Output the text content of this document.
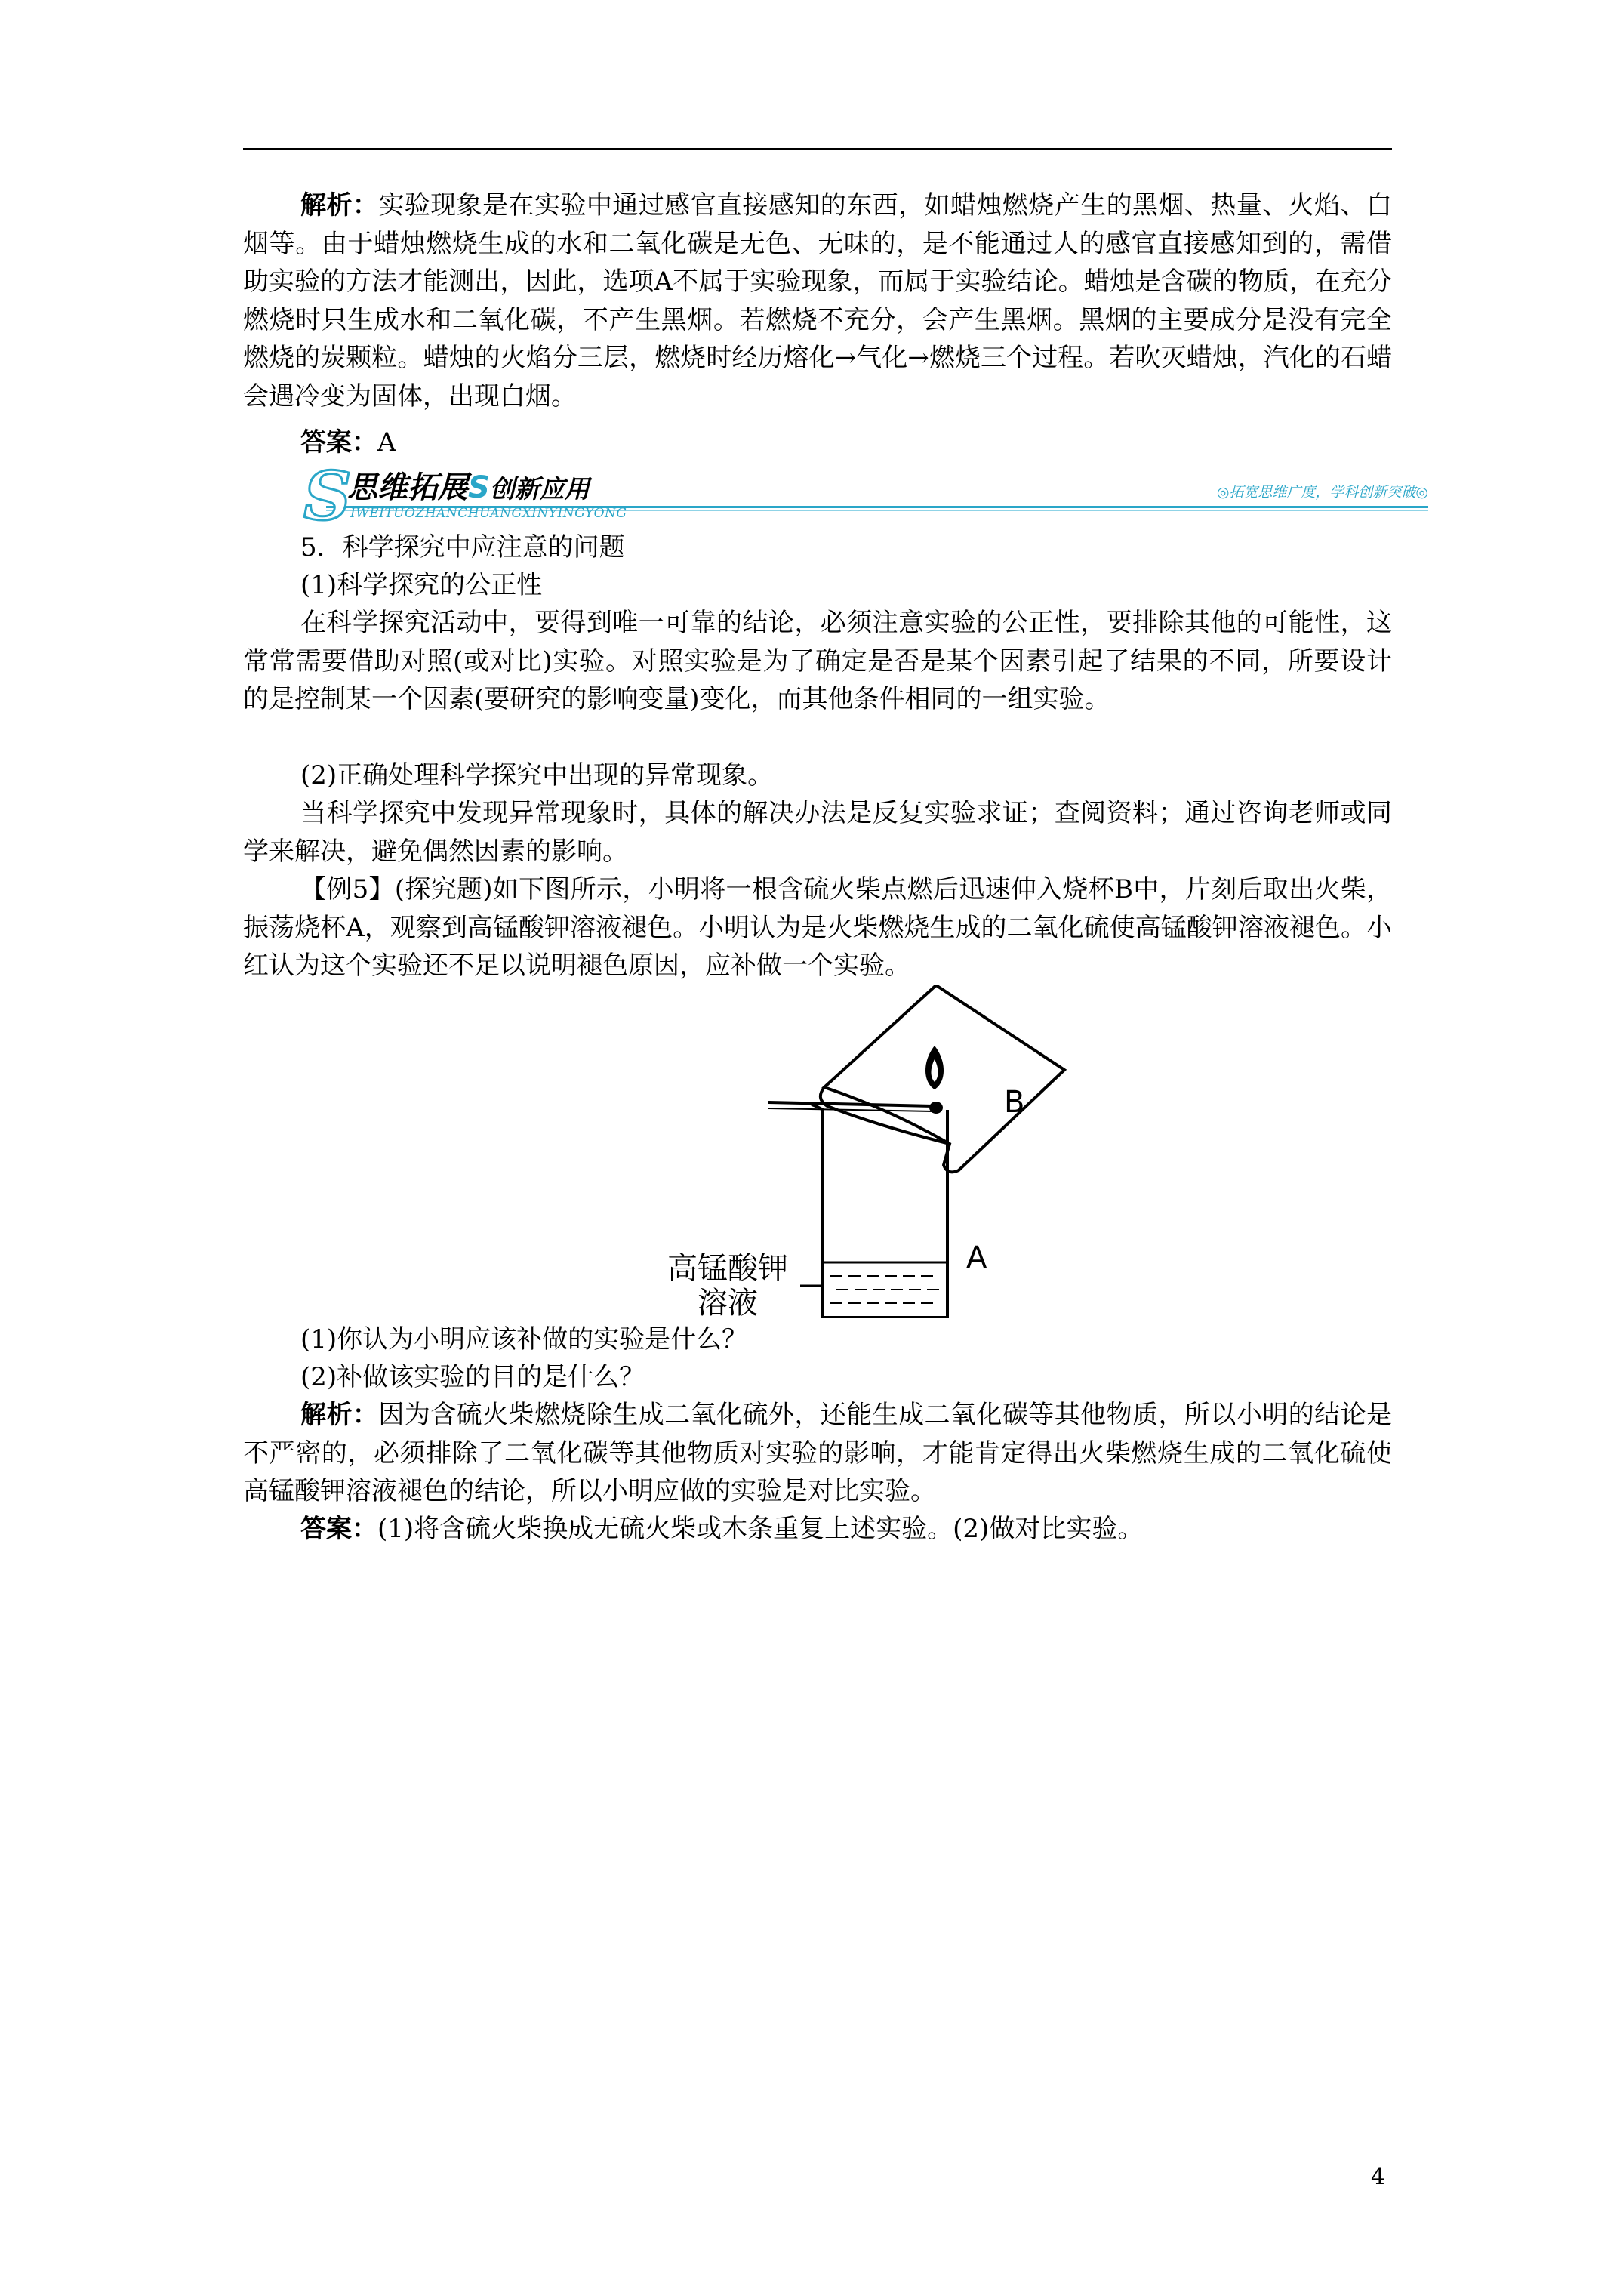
解析：实验现象是在实验中通过感官直接感知的东西，如蜡烛燃烧产生的黑烟、热量、火焰、白烟等。由于蜡烛燃烧生成的水和二氧化碳是无色、无味的，是不能通过人的感官直接感知到的，需借助实验的方法才能测出，因此，选项A不属于实验现象，而属于实验结论。蜡烛是含碳的物质，在充分燃烧时只生成水和二氧化碳，不产生黑烟。若燃烧不充分，会产生黑烟。黑烟的主要成分是没有完全燃烧的炭颗粒。蜡烛的火焰分三层，燃烧时经历熔化→气化→燃烧三个过程。若吹灭蜡烛，汽化的石蜡会遇冷变为固体，出现白烟。

答案：A

S
思维拓展S创新应用
IWEITUOZHANCHUANGXINYINGYONG
◎拓宽思维广度，学科创新突破◎

5．科学探究中应注意的问题

(1)科学探究的公正性

在科学探究活动中，要得到唯一可靠的结论，必须注意实验的公正性，要排除其他的可能性，这常常需要借助对照(或对比)实验。对照实验是为了确定是否是某个因素引起了结果的不同，所要设计的是控制某一个因素(要研究的影响变量)变化，而其他条件相同的一组实验。

(2)正确处理科学探究中出现的异常现象。

当科学探究中发现异常现象时，具体的解决办法是反复实验求证；查阅资料；通过咨询老师或同学来解决，避免偶然因素的影响。

【例5】(探究题)如下图所示，小明将一根含硫火柴点燃后迅速伸入烧杯B中，片刻后取出火柴，振荡烧杯A，观察到高锰酸钾溶液褪色。小明认为是火柴燃烧生成的二氧化硫使高锰酸钾溶液褪色。小红认为这个实验还不足以说明褪色原因，应补做一个实验。

B
A
高锰酸钾
溶液

(1)你认为小明应该补做的实验是什么？

(2)补做该实验的目的是什么？

解析：因为含硫火柴燃烧除生成二氧化硫外，还能生成二氧化碳等其他物质，所以小明的结论是不严密的，必须排除了二氧化碳等其他物质对实验的影响，才能肯定得出火柴燃烧生成的二氧化硫使高锰酸钾溶液褪色的结论，所以小明应做的实验是对比实验。

答案：(1)将含硫火柴换成无硫火柴或木条重复上述实验。(2)做对比实验。

4
